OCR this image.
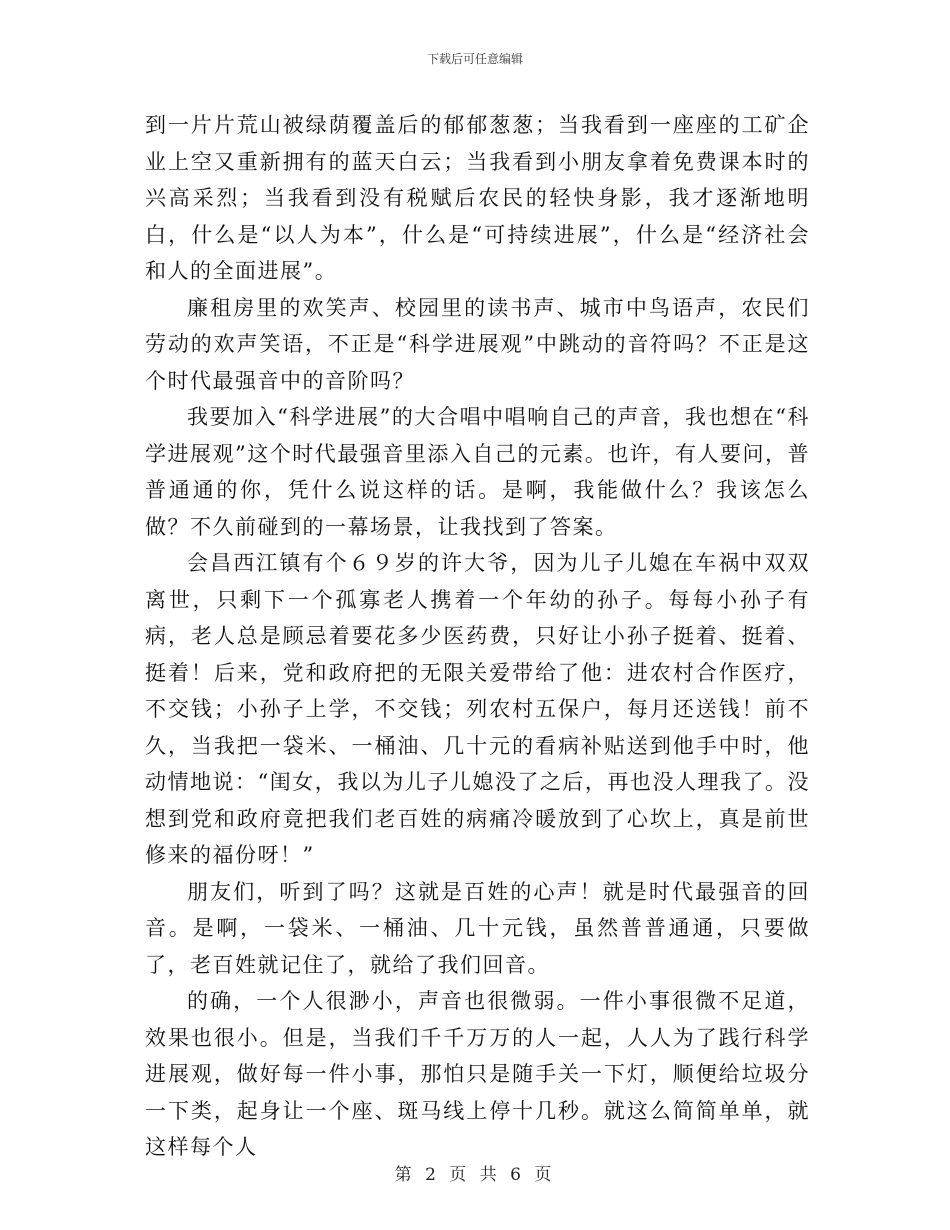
下载后可任意编辑

到一片片荒山被绿荫覆盖后的郁郁葱葱；当我看到一座座的工矿企业上空又重新拥有的蓝天白云；当我看到小朋友拿着免费课本时的兴高采烈；当我看到没有税赋后农民的轻快身影，我才逐渐地明白，什么是“以人为本”，什么是“可持续进展”，什么是“经济社会和人的全面进展”。

廉租房里的欢笑声、校园里的读书声、城市中鸟语声，农民们劳动的欢声笑语，不正是“科学进展观”中跳动的音符吗？不正是这个时代最强音中的音阶吗？

我要加入“科学进展”的大合唱中唱响自己的声音，我也想在“科学进展观”这个时代最强音里添入自己的元素。也许，有人要问，普普通通的你，凭什么说这样的话。是啊，我能做什么？我该怎么做？不久前碰到的一幕场景，让我找到了答案。

会昌西江镇有个６９岁的许大爷，因为儿子儿媳在车祸中双双离世，只剩下一个孤寡老人携着一个年幼的孙子。每每小孙子有病，老人总是顾忌着要花多少医药费，只好让小孙子挺着、挺着、挺着！后来，党和政府把的无限关爱带给了他：进农村合作医疗，不交钱；小孙子上学，不交钱；列农村五保户，每月还送钱！前不久，当我把一袋米、一桶油、几十元的看病补贴送到他手中时，他动情地说：“闺女，我以为儿子儿媳没了之后，再也没人理我了。没想到党和政府竟把我们老百姓的病痛冷暖放到了心坎上，真是前世修来的福份呀！”

朋友们，听到了吗？这就是百姓的心声！就是时代最强音的回音。是啊，一袋米、一桶油、几十元钱，虽然普普通通，只要做了，老百姓就记住了，就给了我们回音。

的确，一个人很渺小，声音也很微弱。一件小事很微不足道，效果也很小。但是，当我们千千万万的人一起，人人为了践行科学进展观，做好每一件小事，那怕只是随手关一下灯，顺便给垃圾分一下类，起身让一个座、斑马线上停十几秒。就这么简简单单，就这样每个人

第 2 页 共 6 页
